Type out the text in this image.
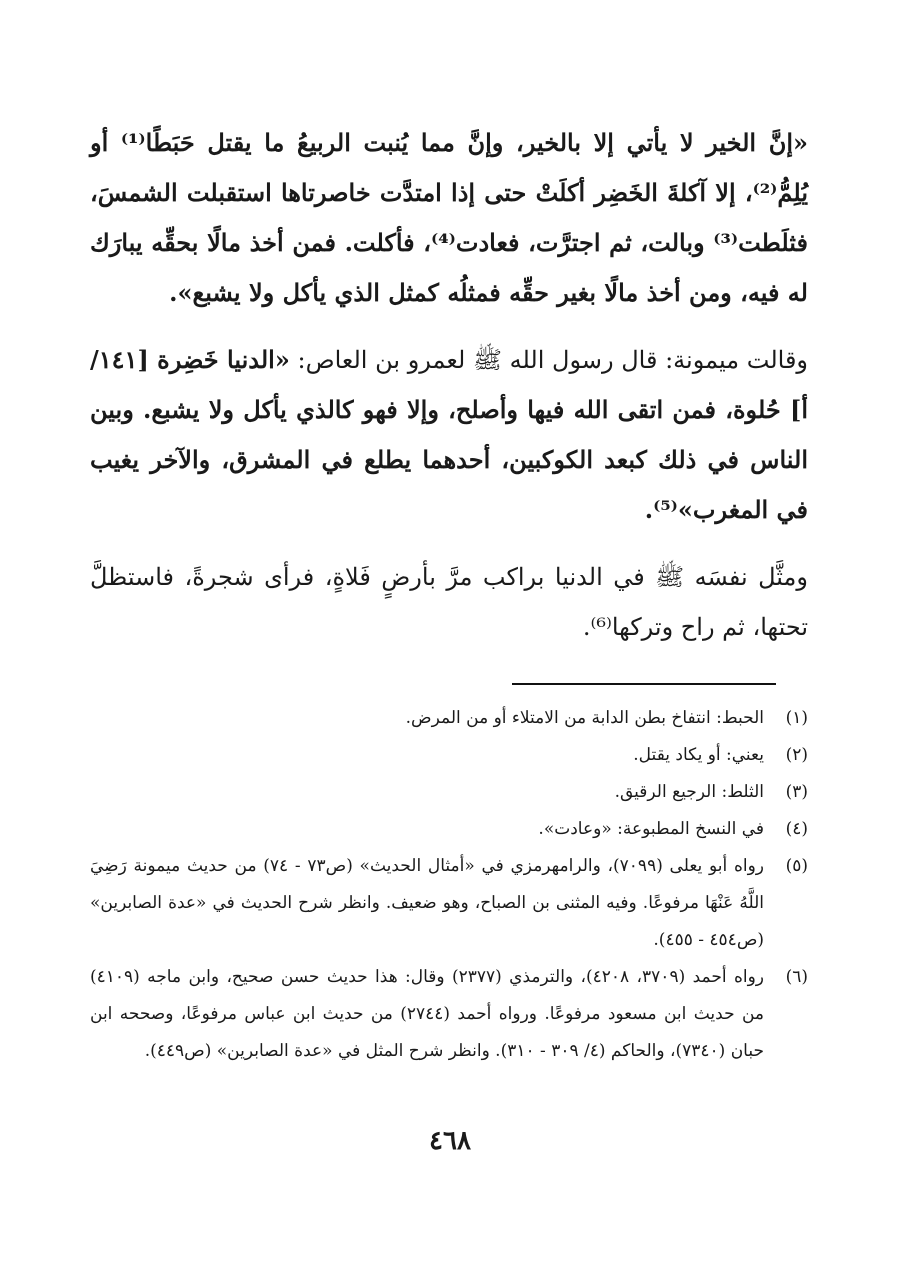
«إنَّ الخير لا يأتي إلا بالخير، وإنَّ مما يُنبت الربيعُ ما يقتل حَبَطًا⁽¹⁾ أو يُلِمُّ⁽²⁾، إلا آكلةَ الخَضِر أكلَتْ حتى إذا امتدَّت خاصرتاها استقبلت الشمسَ، فثلَطت⁽³⁾ وبالت، ثم اجترَّت، فعادت⁽⁴⁾، فأكلت. فمن أخذ مالًا بحقِّه يبارَك له فيه، ومن أخذ مالًا بغير حقِّه فمثلُه كمثل الذي يأكل ولا يشبع».

وقالت ميمونة: قال رسول الله ﷺ لعمرو بن العاص: «الدنيا خَضِرة [١٤١/أ] حُلوة، فمن اتقى الله فيها وأصلح، وإلا فهو كالذي يأكل ولا يشبع. وبين الناس في ذلك كبعد الكوكبين، أحدهما يطلع في المشرق، والآخر يغيب في المغرب»⁽⁵⁾.

ومثَّل نفسَه ﷺ في الدنيا براكب مرَّ بأرضٍ فَلاةٍ، فرأى شجرةً، فاستظلَّ تحتها، ثم راح وتركها⁽⁶⁾.

(١)
الحبط: انتفاخ بطن الدابة من الامتلاء أو من المرض.
(٢)
يعني: أو يكاد يقتل.
(٣)
الثلط: الرجيع الرقيق.
(٤)
في النسخ المطبوعة: «وعادت».
(٥)
رواه أبو يعلى (٧٠٩٩)، والرامهرمزي في «أمثال الحديث» (ص٧٣ - ٧٤) من حديث ميمونة رَضِيَ اللَّهُ عَنْهَا مرفوعًا. وفيه المثنى بن الصباح، وهو ضعيف. وانظر شرح الحديث في «عدة الصابرين» (ص٤٥٤ - ٤٥٥).
(٦)
رواه أحمد (٣٧٠٩، ٤٢٠٨)، والترمذي (٢٣٧٧) وقال: هذا حديث حسن صحيح، وابن ماجه (٤١٠٩) من حديث ابن مسعود مرفوعًا. ورواه أحمد (٢٧٤٤) من حديث ابن عباس مرفوعًا، وصححه ابن حبان (٧٣٤٠)، والحاكم (٤/ ٣٠٩ - ٣١٠). وانظر شرح المثل في «عدة الصابرين» (ص٤٤٩).
٤٦٨
